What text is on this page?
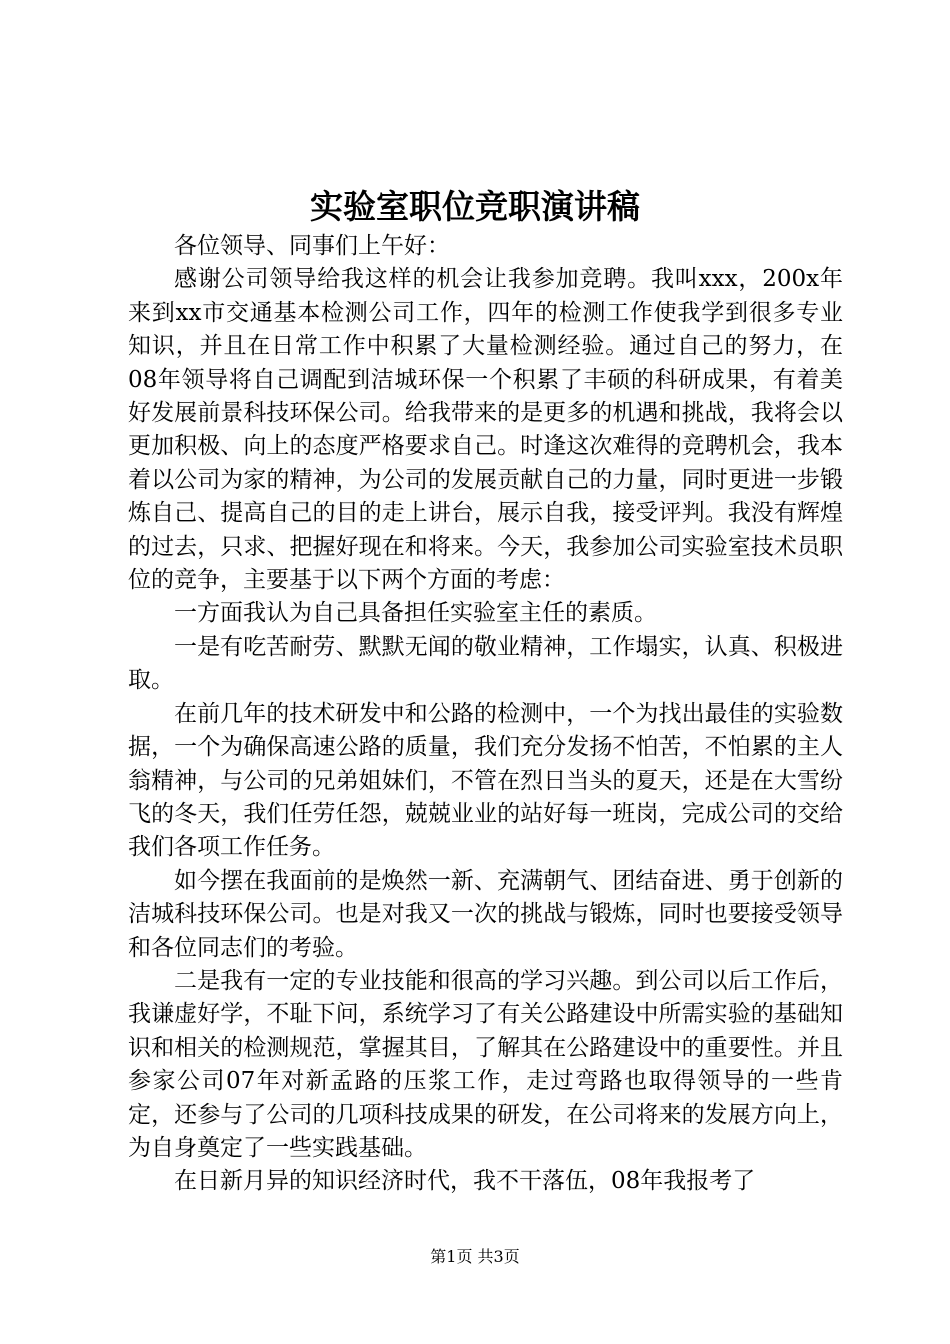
实验室职位竞职演讲稿

各位领导、同事们上午好：

感谢公司领导给我这样的机会让我参加竞聘。我叫xxx，200x年来到xx市交通基本检测公司工作，四年的检测工作使我学到很多专业知识，并且在日常工作中积累了大量检测经验。通过自己的努力，在08年领导将自己调配到洁城环保一个积累了丰硕的科研成果，有着美好发展前景科技环保公司。给我带来的是更多的机遇和挑战，我将会以更加积极、向上的态度严格要求自己。时逢这次难得的竞聘机会，我本着以公司为家的精神，为公司的发展贡献自己的力量，同时更进一步锻炼自己、提高自己的目的走上讲台，展示自我，接受评判。我没有辉煌的过去，只求、把握好现在和将来。今天，我参加公司实验室技术员职位的竞争，主要基于以下两个方面的考虑：

一方面我认为自己具备担任实验室主任的素质。

一是有吃苦耐劳、默默无闻的敬业精神，工作塌实，认真、积极进取。

在前几年的技术研发中和公路的检测中，一个为找出最佳的实验数据，一个为确保高速公路的质量，我们充分发扬不怕苦，不怕累的主人翁精神，与公司的兄弟姐妹们，不管在烈日当头的夏天，还是在大雪纷飞的冬天，我们任劳任怨，兢兢业业的站好每一班岗，完成公司的交给我们各项工作任务。

如今摆在我面前的是焕然一新、充满朝气、团结奋进、勇于创新的洁城科技环保公司。也是对我又一次的挑战与锻炼，同时也要接受领导和各位同志们的考验。

二是我有一定的专业技能和很高的学习兴趣。到公司以后工作后，我谦虚好学，不耻下问，系统学习了有关公路建设中所需实验的基础知识和相关的检测规范，掌握其目，了解其在公路建设中的重要性。并且参家公司07年对新孟路的压浆工作，走过弯路也取得领导的一些肯定，还参与了公司的几项科技成果的研发，在公司将来的发展方向上，为自身奠定了一些实践基础。

在日新月异的知识经济时代，我不干落伍，08年我报考了

第1页 共3页
